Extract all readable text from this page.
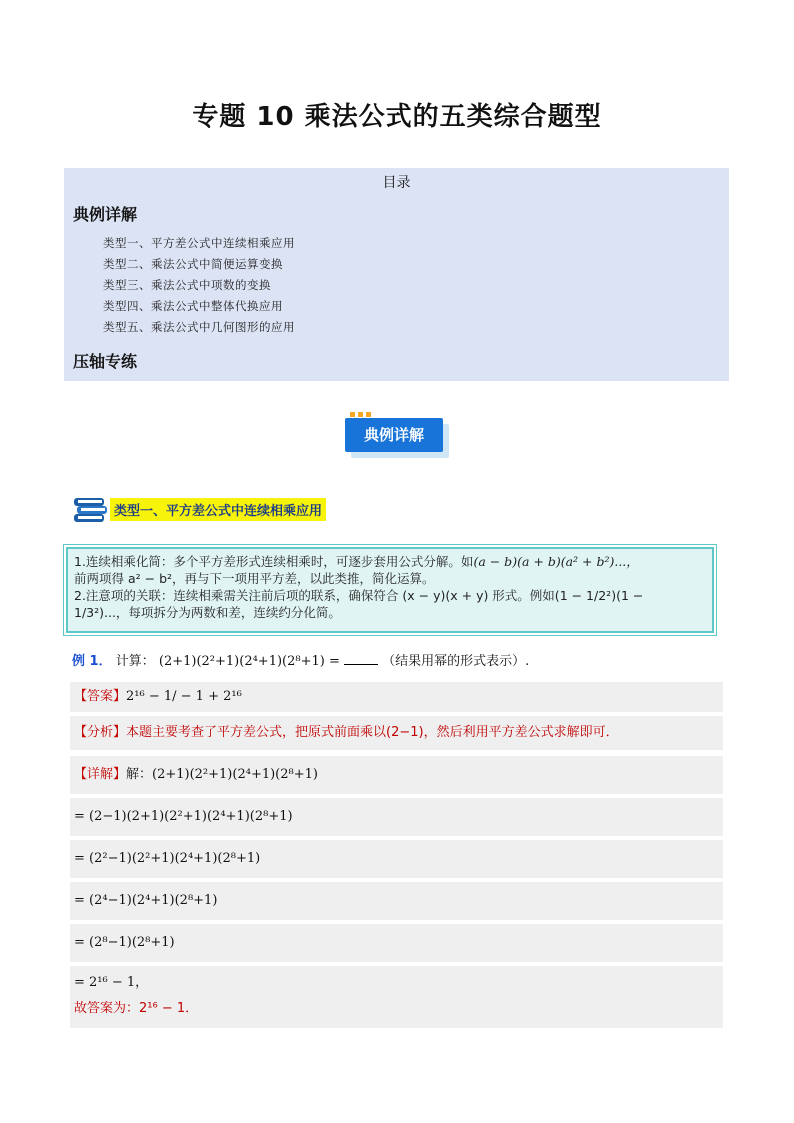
专题 10 乘法公式的五类综合题型
目录
典例详解
类型一、平方差公式中连续相乘应用
类型二、乘法公式中简便运算变换
类型三、乘法公式中项数的变换
类型四、乘法公式中整体代换应用
类型五、乘法公式中几何图形的应用
压轴专练
典例详解
类型一、平方差公式中连续相乘应用
1.连续相乘化简：多个平方差形式连续相乘时，可逐步套用公式分解。如(a − b)(a + b)(a² + b²)...，
前两项得 a² − b²，再与下一项用平方差，以此类推，简化运算。
2.注意项的关联：连续相乘需关注前后项的联系，确保符合 (x − y)(x + y) 形式。例如(1 − 1/2²)(1 −
1/3²)...，每项拆分为两数和差，连续约分化简。
例 1． 计算： (2+1)(2²+1)(2⁴+1)(2⁸+1) =	（结果用幂的形式表示）.
【答案】2¹⁶ − 1/ − 1 + 2¹⁶
【分析】本题主要考查了平方差公式，把原式前面乘以(2−1)，然后利用平方差公式求解即可．
【详解】解：(2+1)(2²+1)(2⁴+1)(2⁸+1)
= (2−1)(2+1)(2²+1)(2⁴+1)(2⁸+1)
= (2²−1)(2²+1)(2⁴+1)(2⁸+1)
= (2⁴−1)(2⁴+1)(2⁸+1)
= (2⁸−1)(2⁸+1)
= 2¹⁶ − 1，
故答案为：2¹⁶ − 1．
